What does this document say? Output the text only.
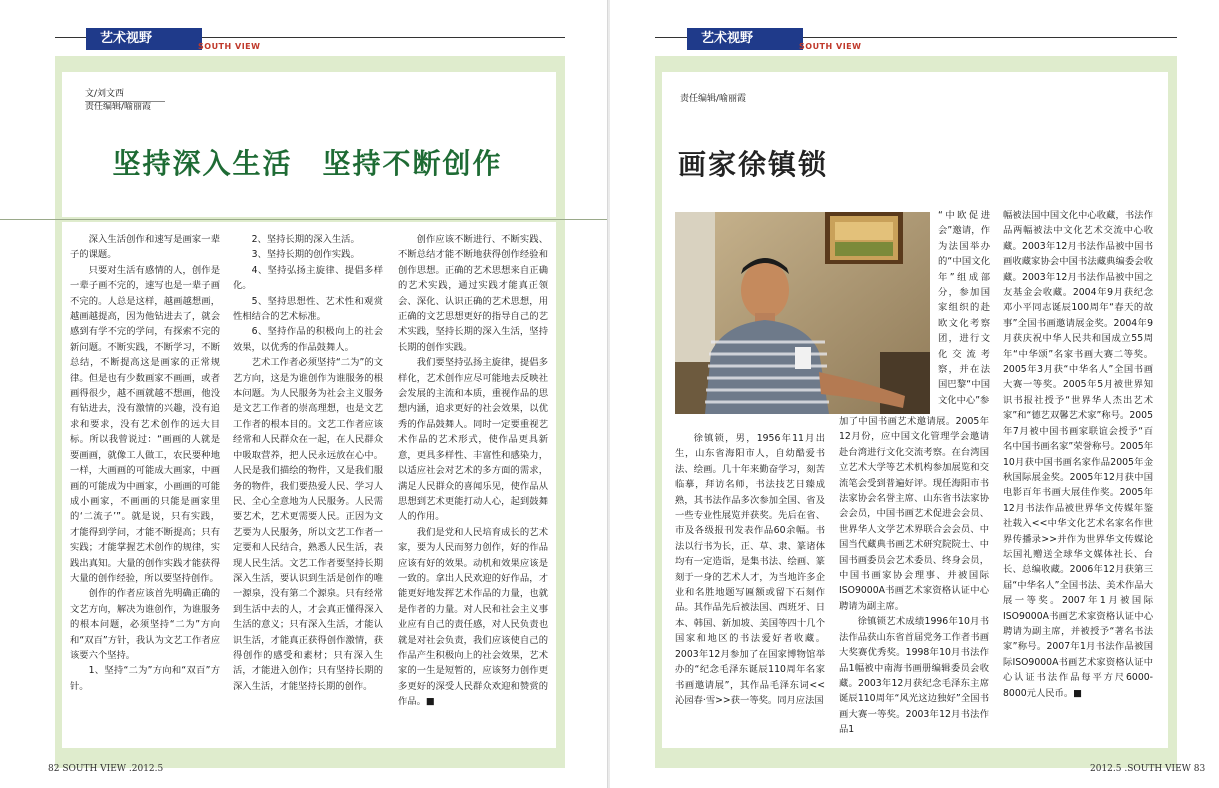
艺术视野
SOUTH VIEW
文/刘文西
责任编辑/喻丽霞
坚持深入生活　坚持不断创作

深入生活创作和速写是画家一辈子的课题。

只要对生活有感情的人，创作是一辈子画不完的，速写也是一辈子画不完的。人总是这样，越画越想画，越画越提高，因为他钻进去了，就会感到有学不完的学问，有探索不完的新问题。不断实践，不断学习，不断总结，不断提高这是画家的正常规律。但是也有少数画家不画画，或者画得很少，越不画就越不想画，他没有钻进去，没有激情的兴趣，没有追求和要求，没有艺术创作的远大目标。所以我曾说过：“画画的人就是要画画，就像工人做工，农民要种地一样，大画画的可能成大画家，中画画的可能成为中画家，小画画的可能成小画家，不画画的只能是画家里的‘二流子’”。就是说，只有实践，才能得到学问，才能不断提高；只有实践；才能掌握艺术创作的规律，实践出真知。大量的创作实践才能获得大量的创作经验，所以要坚持创作。

创作的作者应该首先明确正确的文艺方向，解决为谁创作，为谁服务的根本问题，必须坚持“二为”方向和“双百”方针，我认为文艺工作者应该要六个坚持。

1、坚持“二为”方向和“双百”方针。

2、坚持长期的深入生活。

3、坚持长期的创作实践。

4、坚持弘扬主旋律、提倡多样化。

5、坚持思想性、艺术性和观赏性相结合的艺术标准。

6、坚持作品的积极向上的社会效果，以优秀的作品鼓舞人。

艺术工作者必须坚持“二为”的文艺方向，这是为谁创作为谁服务的根本问题。为人民服务为社会主义服务是文艺工作者的崇高理想，也是文艺工作者的根本目的。文艺工作者应该经常和人民群众在一起，在人民群众中吸取营养，把人民永远放在心中。人民是我们描绘的物件，又是我们服务的物件，我们要热爱人民、学习人民、全心全意地为人民服务。人民需要艺术，艺术更需要人民。正因为文艺要为人民服务，所以文艺工作者一定要和人民结合，熟悉人民生活，表现人民生活。文艺工作者要坚持长期深入生活，要认识到生活是创作的唯一源泉，没有第二个源泉。只有经常到生活中去的人，才会真正懂得深入生活的意义；只有深入生活，才能认识生活，才能真正获得创作激情，获得创作的感受和素材；只有深入生活，才能进入创作；只有坚持长期的深入生活，才能坚持长期的创作。

创作应该不断进行、不断实践、不断总结才能不断地获得创作经验和创作思想。正确的艺术思想来自正确的艺术实践，通过实践才能真正领会、深化、认识正确的艺术思想，用正确的文艺思想更好的指导自己的艺术实践，坚持长期的深入生活，坚持长期的创作实践。

我们要坚持弘扬主旋律，提倡多样化，艺术创作应尽可能地去反映社会发展的主流和本质，重视作品的思想内涵，追求更好的社会效果，以优秀的作品鼓舞人。同时一定要重视艺术作品的艺术形式，使作品更具新意，更具多样性、丰富性和感染力，以适应社会对艺术的多方面的需求，满足人民群众的喜闻乐见，使作品从思想到艺术更能打动人心，起到鼓舞人的作用。

我们是党和人民培育成长的艺术家，要为人民而努力创作，好的作品应该有好的效果。动机和效果应该是一致的。拿出人民欢迎的好作品，才能更好地发挥艺术作品的力量，也就是作者的力量。对人民和社会主义事业应有自己的责任感，对人民负责也就是对社会负责，我们应该使自己的作品产生积极向上的社会效果，艺术家的一生是短暂的，应该努力创作更多更好的深受人民群众欢迎和赞赏的作品。■

82 SOUTH VIEW .2012.5
艺术视野
SOUTH VIEW
责任编辑/喻丽霞
画家徐镇锁

“中欧促进会”邀请，作为法国举办的“中国文化年”组成部分，参加国家组织的赴欧文化考察团，进行文化交流考察，并在法国巴黎“中国文化中心”参

徐镇锁，男，1956年11月出生，山东省海阳市人，自幼酷爱书法、绘画。几十年来勤奋学习，刻苦临摹，拜访名师，书法技艺日臻成熟，其书法作品多次参加全国、省及一些专业性展览并获奖。先后在省、市及各级报刊发表作品60余幅。书法以行书为长，正、草、隶、篆诸体均有一定造诣，是集书法、绘画、篆刻于一身的艺术人才，为当地许多企业和名胜地题写匾额或留下石刻作品。其作品先后被法国、西班牙、日本、韩国、新加坡、美国等四十几个国家和地区的书法爱好者收藏。2003年12月参加了在国家博物馆举办的“纪念毛泽东诞辰110周年名家书画邀请展”，其作品毛泽东词<<沁园春·雪>>获一等奖。同月应法国

加了中国书画艺术邀请展。2005年12月份，应中国文化管理学会邀请赴台湾进行文化交流考察。在台湾国立艺术大学等艺术机构参加展览和交流笔会受到普遍好评。现任海阳市书法家协会名誉主席、山东省书法家协会会员，中国书画艺术促进会会员、世界华人文学艺术界联合会会员、中国当代藏典书画艺术研究院院士、中国书画委员会艺术委员、终身会员，中国书画家协会理事、并被国际ISO9000A书画艺术家资格认证中心聘请为副主席。

徐镇锁艺术成绩1996年10月书法作品获山东省首届党务工作者书画大奖赛优秀奖。1998年10月书法作品1幅被中南海书画册编辑委员会收藏。2003年12月获纪念毛泽东主席诞辰110周年“风光这边独好”全国书画大赛一等奖。2003年12月书法作品1

幅被法国中国文化中心收藏，书法作品两幅被法中文化艺术交流中心收藏。2003年12月书法作品被中国书画收藏家协会中国书法藏典编委会收藏。2003年12月书法作品被中国之友基金会收藏。2004年9月获纪念邓小平同志诞辰100周年“春天的故事”全国书画邀请展金奖。2004年9月获庆祝中华人民共和国成立55周年“中华颂”名家书画大赛二等奖。2005年3月获“中华名人”全国书画大赛一等奖。2005年5月被世界知识书报社授予“世界华人杰出艺术家”和“德艺双馨艺术家”称号。2005年7月被中国书画家联谊会授予“百名中国书画名家”荣誉称号。2005年10月获中国书画名家作品2005年金秋国际展金奖。2005年12月获中国电影百年书画大展佳作奖。2005年12月书法作品被世界华文传媒年鉴社载入<<中华文化艺术名家名作世界传播录>>并作为世界华文传媒论坛国礼赠送全球华文媒体社长、台长、总编收藏。2006年12月获第三届“中华名人”全国书法、美术作品大展一等奖。2007年1月被国际ISO9000A书画艺术家资格认证中心聘请为副主席，并被授予“著名书法家”称号。2007年1月书法作品被国际ISO9000A书画艺术家资格认证中心认证书法作品每平方尺6000-8000元人民币。■

2012.5 .SOUTH VIEW 83
